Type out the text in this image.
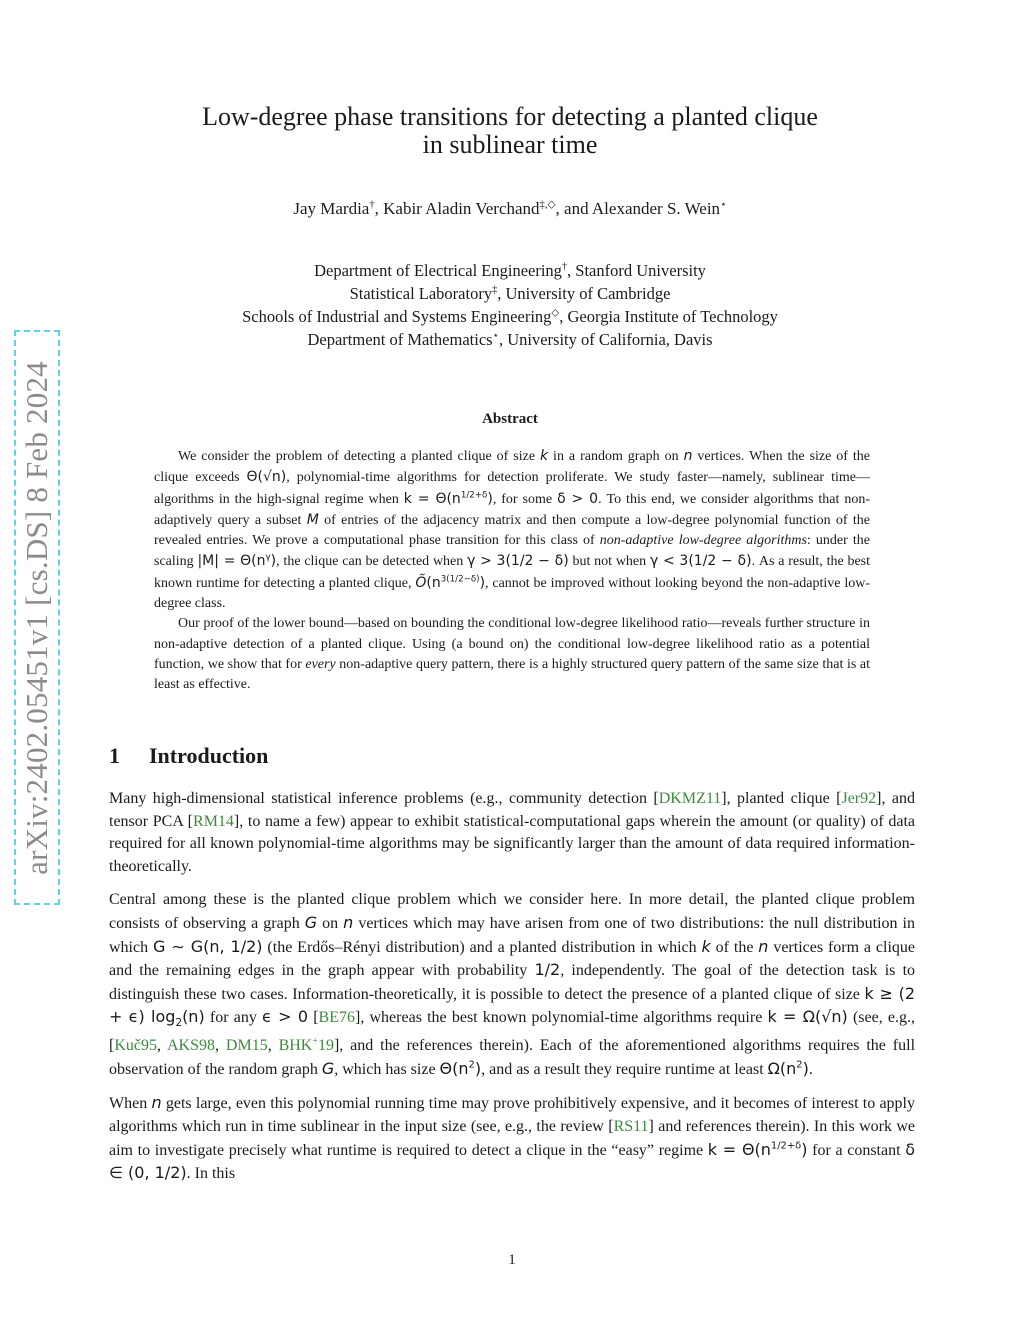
arXiv:2402.05451v1 [cs.DS] 8 Feb 2024
Low-degree phase transitions for detecting a planted clique
in sublinear time
Jay Mardia†, Kabir Aladin Verchand‡,◇, and Alexander S. Wein⋆
Department of Electrical Engineering†, Stanford University
Statistical Laboratory‡, University of Cambridge
Schools of Industrial and Systems Engineering◇, Georgia Institute of Technology
Department of Mathematics⋆, University of California, Davis
Abstract

We consider the problem of detecting a planted clique of size k in a random graph on n vertices. When the size of the clique exceeds Θ(√n), polynomial-time algorithms for detection proliferate. We study faster—namely, sublinear time—algorithms in the high-signal regime when $k = \Theta(n^{1/2+\delta})$, for some δ > 0. To this end, we consider algorithms that non-adaptively query a subset M of entries of the adjacency matrix and then compute a low-degree polynomial function of the revealed entries. We prove a computational phase transition for this class of non-adaptive low-degree algorithms: under the scaling $|M| = \Theta(n^\gamma)$, the clique can be detected when γ > 3(1/2 − δ) but not when γ < 3(1/2 − δ). As a result, the best known runtime for detecting a planted clique, $Õ(n^{3(1/2-\delta)})$, cannot be improved without looking beyond the non-adaptive low-degree class.

Our proof of the lower bound—based on bounding the conditional low-degree likelihood ratio—reveals further structure in non-adaptive detection of a planted clique. Using (a bound on) the conditional low-degree likelihood ratio as a potential function, we show that for every non-adaptive query pattern, there is a highly structured query pattern of the same size that is at least as effective.

1 Introduction

Many high-dimensional statistical inference problems (e.g., community detection [DKMZ11], planted clique [Jer92], and tensor PCA [RM14], to name a few) appear to exhibit statistical-computational gaps wherein the amount (or quality) of data required for all known polynomial-time algorithms may be significantly larger than the amount of data required information-theoretically.

Central among these is the planted clique problem which we consider here. In more detail, the planted clique problem consists of observing a graph G on n vertices which may have arisen from one of two distributions: the null distribution in which G ∼ G(n, 1/2) (the Erdős–Rényi distribution) and a planted distribution in which k of the n vertices form a clique and the remaining edges in the graph appear with probability 1/2, independently. The goal of the detection task is to distinguish these two cases. Information-theoretically, it is possible to detect the presence of a planted clique of size k ≥ (2 + ϵ) $\log_2(n)$ for any ϵ > 0 [BE76], whereas the best known polynomial-time algorithms require k = Ω(√n) (see, e.g., [Kuč95, AKS98, DM15, BHK+19], and the references therein). Each of the aforementioned algorithms requires the full observation of the random graph G, which has size $\Theta(n^2)$, and as a result they require runtime at least $\Omega(n^2)$.

When n gets large, even this polynomial running time may prove prohibitively expensive, and it becomes of interest to apply algorithms which run in time sublinear in the input size (see, e.g., the review [RS11] and references therein). In this work we aim to investigate precisely what runtime is required to detect a clique in the “easy” regime $k = \Theta(n^{1/2+\delta})$ for a constant δ ∈ (0, 1/2). In this

1
